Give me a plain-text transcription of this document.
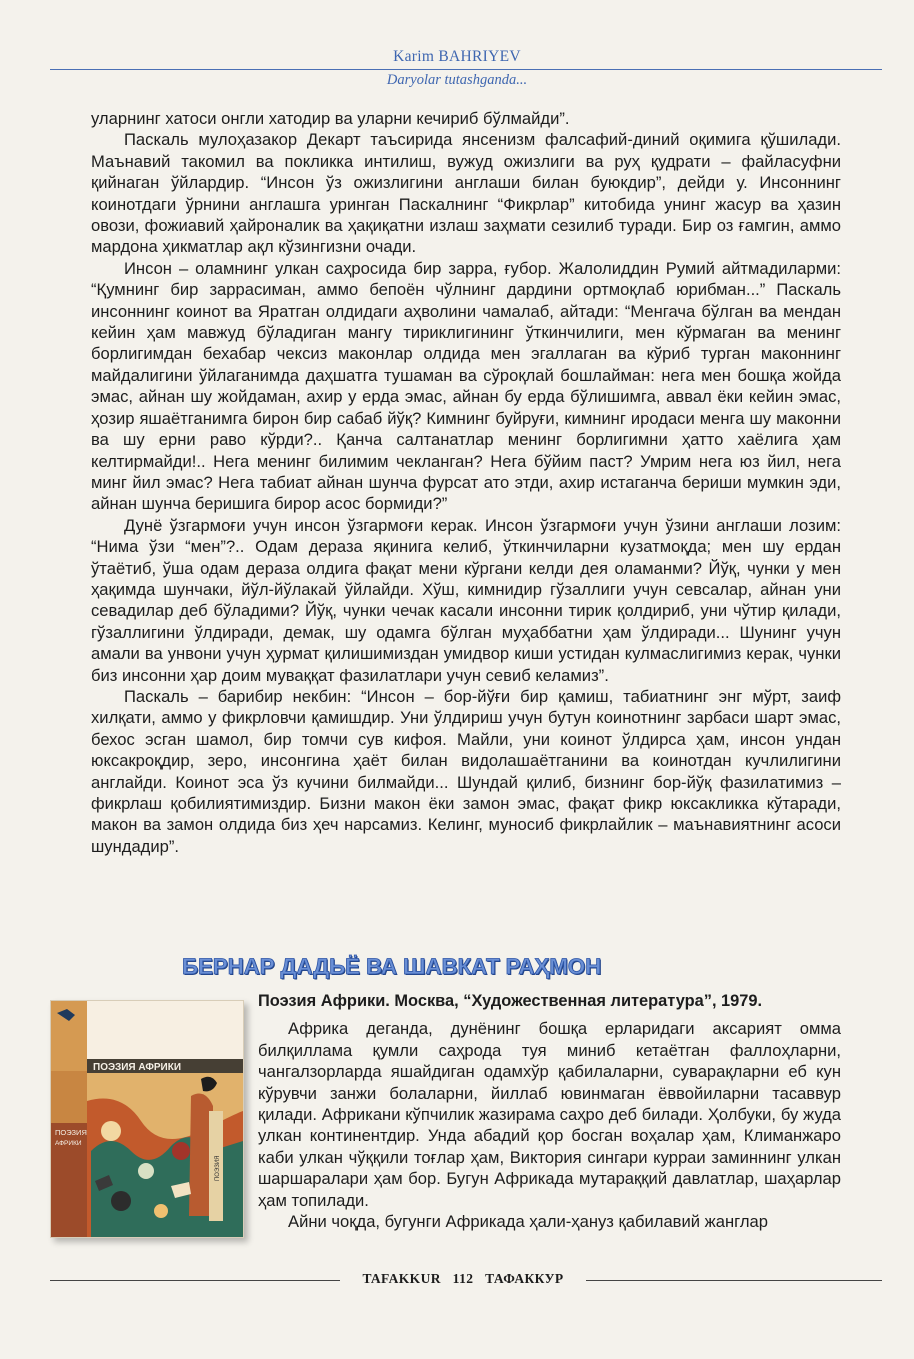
Karim BAHRIYEV
Daryolar tutashganda...

уларнинг хатоси онгли хатодир ва уларни кечириб бўлмайди”.

Паскаль мулоҳазакор Декарт таъсирида янсенизм фалсафий-диний оқимига қўшилади. Маънавий такомил ва покликка интилиш, вужуд ожизлиги ва руҳ қудрати – файласуфни қийнаган ўйлардир. “Инсон ўз ожизлигини англаши билан буюкдир”, дейди у. Инсоннинг коинотдаги ўрнини англашга уринган Паскалнинг “Фикрлар” китобида унинг жасур ва ҳазин овози, фожиавий ҳайроналик ва ҳақиқатни излаш заҳмати сезилиб туради. Бир оз ғамгин, аммо мардона ҳикматлар ақл кўзингизни очади.

Инсон – оламнинг улкан саҳросида бир зарра, ғубор. Жалолиддин Румий айтмадиларми: “Қумнинг бир заррасиман, аммо бепоён чўлнинг дардини ортмоқлаб юрибман...” Паскаль инсоннинг коинот ва Яратган олдидаги аҳволини чамалаб, айтади: “Менгача бўлган ва мендан кейин ҳам мавжуд бўладиган мангу тириклигининг ўткинчилиги, мен кўрмаган ва менинг борлигимдан бехабар чексиз маконлар олдида мен эгаллаган ва кўриб турган маконнинг майдалигини ўйлаганимда даҳшатга тушаман ва сўроқлай бошлайман: нега мен бошқа жойда эмас, айнан шу жойдаман, ахир у ерда эмас, айнан бу ерда бўлишимга, аввал ёки кейин эмас, ҳозир яшаётганимга бирон бир сабаб йўқ? Кимнинг буйруғи, кимнинг иродаси менга шу маконни ва шу ерни раво кўрди?.. Қанча салтанатлар менинг борлигимни ҳатто хаёлига ҳам келтирмайди!.. Нега менинг билимим чекланган? Нега бўйим паст? Умрим нега юз йил, нега минг йил эмас? Нега табиат айнан шунча фурсат ато этди, ахир истаганча бериши мумкин эди, айнан шунча беришига бирор асос бормиди?”

Дунё ўзгармоғи учун инсон ўзгармоғи керак. Инсон ўзгармоғи учун ўзини англаши лозим: “Нима ўзи “мен”?.. Одам дераза яқинига келиб, ўткинчиларни кузатмоқда; мен шу ердан ўтаётиб, ўша одам дераза олдига фақат мени кўргани келди дея оламанми? Йўқ, чунки у мен ҳақимда шунчаки, йўл-йўлакай ўйлайди. Хўш, кимнидир гўзаллиги учун севсалар, айнан уни севадилар деб бўладими? Йўқ, чунки чечак касали инсонни тирик қолдириб, уни чўтир қилади, гўзаллигини ўлдиради, демак, шу одамга бўлган муҳаббатни ҳам ўлдиради... Шунинг учун амали ва унвони учун ҳурмат қилишимиздан умидвор киши устидан кулмаслигимиз керак, чунки биз инсонни ҳар доим муваққат фазилатлари учун севиб келамиз”.

Паскаль – барибир некбин: “Инсон – бор-йўғи бир қамиш, табиатнинг энг мўрт, заиф хилқати, аммо у фикрловчи қамишдир. Уни ўлдириш учун бутун коинотнинг зарбаси шарт эмас, бехос эсган шамол, бир томчи сув кифоя. Майли, уни коинот ўлдирса ҳам, инсон ундан юксакроқдир, зеро, инсонгина ҳаёт билан видолашаётганини ва коинотдан кучлилигини англайди. Коинот эса ўз кучини билмайди... Шундай қилиб, бизнинг бор-йўқ фазилатимиз – фикрлаш қобилиятимиздир. Бизни макон ёки замон эмас, фақат фикр юксакликка кўтаради, макон ва замон олдида биз ҳеч нарсамиз. Келинг, муносиб фикрлайлик – маънавиятнинг асоси шундадир”.

БЕРНАР ДАДЬЁ ВА ШАВКАТ РАҲМОН
ПОЭЗИЯ АФРИКИ
ПОЭЗИЯ
АФРИКИ
ПОЭЗИЯ
Поэзия Африки. Москва, “Художественная литература”, 1979.

Африка деганда, дунёнинг бошқа ерларидаги аксарият омма билқиллама қумли саҳрода туя миниб кетаётган фаллоҳларни, чангалзорларда яшайдиган одамхўр қабилаларни, суварақларни еб кун кўрувчи занжи болаларни, йиллаб ювинмаган ёввойиларни тасаввур қилади. Африкани кўпчилик жазирама саҳро деб билади. Ҳолбуки, бу жуда улкан континентдир. Унда абадий қор босган воҳалар ҳам, Климанжаро каби улкан чўққили тоғлар ҳам, Виктория сингари курраи заминнинг улкан шаршаралари ҳам бор. Бугун Африкада мутараққий давлатлар, шаҳарлар ҳам топилади.

Айни чоқда, бугунги Африкада ҳали-ҳануз қабилавий жанглар

TAFAKKUR 112 ТАФАККУР
